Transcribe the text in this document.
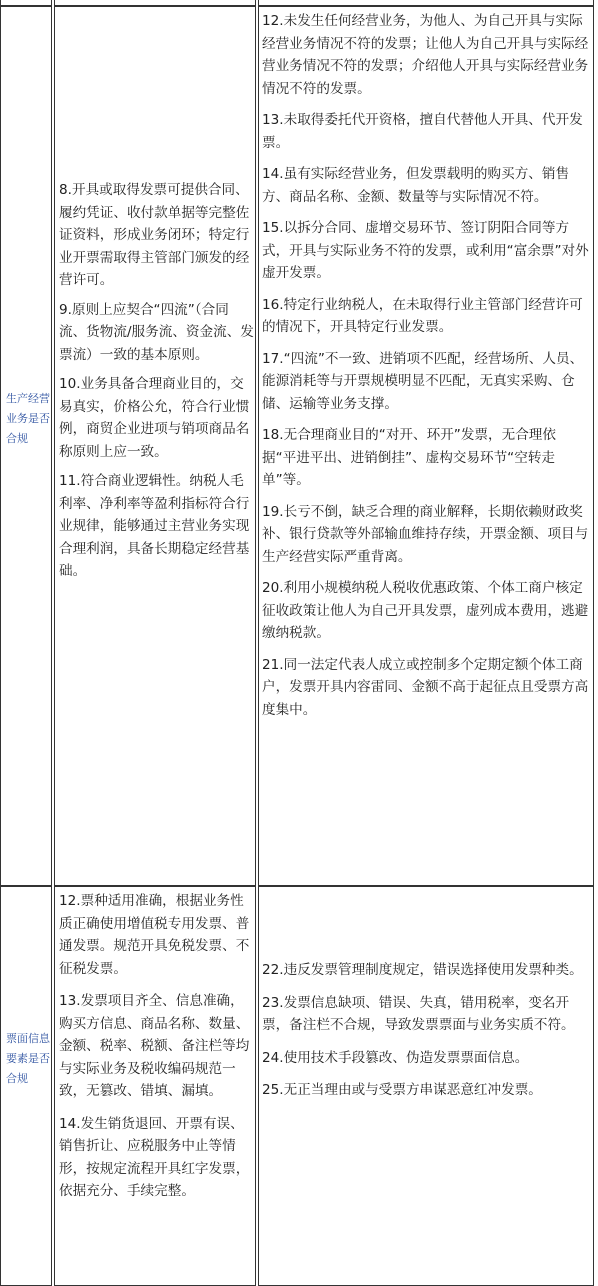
生产经营业务是否合规

8.开具或取得发票可提供合同、履约凭证、收付款单据等完整佐证资料，形成业务闭环；特定行业开票需取得主管部门颁发的经营许可。

9.原则上应契合“四流”（合同流、货物流/服务流、资金流、发票流）一致的基本原则。

10.业务具备合理商业目的，交易真实，价格公允，符合行业惯例，商贸企业进项与销项商品名称原则上应一致。

11.符合商业逻辑性。纳税人毛利率、净利率等盈利指标符合行业规律，能够通过主营业务实现合理利润，具备长期稳定经营基础。

12.未发生任何经营业务，为他人、为自己开具与实际经营业务情况不符的发票；让他人为自己开具与实际经营业务情况不符的发票；介绍他人开具与实际经营业务情况不符的发票。

13.未取得委托代开资格，擅自代替他人开具、代开发票。

14.虽有实际经营业务，但发票载明的购买方、销售方、商品名称、金额、数量等与实际情况不符。

15.以拆分合同、虚增交易环节、签订阴阳合同等方式，开具与实际业务不符的发票，或利用“富余票”对外虚开发票。

16.特定行业纳税人，在未取得行业主管部门经营许可的情况下，开具特定行业发票。

17.“四流”不一致、进销项不匹配，经营场所、人员、能源消耗等与开票规模明显不匹配，无真实采购、仓储、运输等业务支撑。

18.无合理商业目的“对开、环开”发票，无合理依据“平进平出、进销倒挂”、虚构交易环节“空转走单”等。

19.长亏不倒，缺乏合理的商业解释，长期依赖财政奖补、银行贷款等外部输血维持存续，开票金额、项目与生产经营实际严重背离。

20.利用小规模纳税人税收优惠政策、个体工商户核定征收政策让他人为自己开具发票，虚列成本费用，逃避缴纳税款。

21.同一法定代表人成立或控制多个定期定额个体工商户，发票开具内容雷同、金额不高于起征点且受票方高度集中。

票面信息要素是否合规

12.票种适用准确，根据业务性质正确使用增值税专用发票、普通发票。规范开具免税发票、不征税发票。

13.发票项目齐全、信息准确，购买方信息、商品名称、数量、金额、税率、税额、备注栏等均与实际业务及税收编码规范一致，无篡改、错填、漏填。

14.发生销货退回、开票有误、销售折让、应税服务中止等情形，按规定流程开具红字发票，依据充分、手续完整。

22.违反发票管理制度规定，错误选择使用发票种类。

23.发票信息缺项、错误、失真，错用税率，变名开票，备注栏不合规，导致发票票面与业务实质不符。

24.使用技术手段篡改、伪造发票票面信息。

25.无正当理由或与受票方串谋恶意红冲发票。
